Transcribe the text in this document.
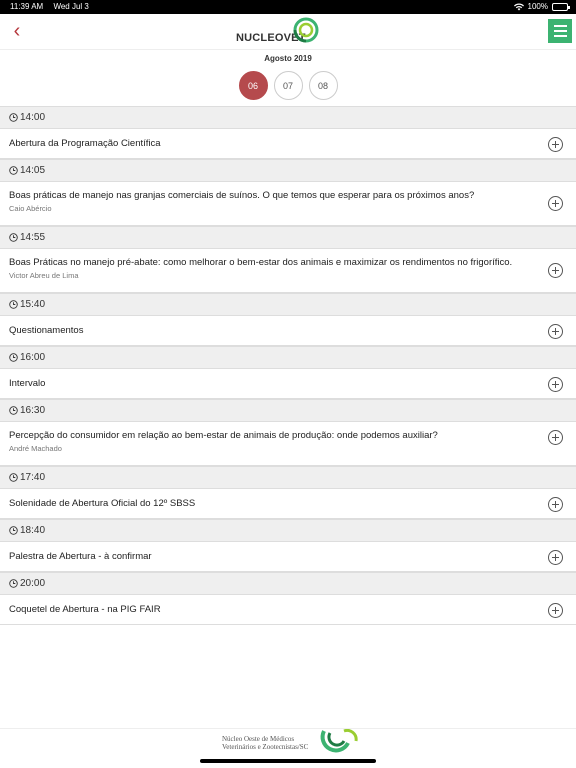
11:39 AM Wed Jul 3	100%
‹	NUCLEOVET
Agosto 2019
06	07	08
14:00
Abertura da Programação Científica
14:05
Boas práticas de manejo nas granjas comerciais de suínos. O que temos que esperar para os próximos anos?
Caio Abércio
14:55
Boas Práticas no manejo pré-abate: como melhorar o bem-estar dos animais e maximizar os rendimentos no frigorífico.
Victor Abreu de Lima
15:40
Questionamentos
16:00
Intervalo
16:30
Percepção do consumidor em relação ao bem-estar de animais de produção: onde podemos auxiliar?
André Machado
17:40
Solenidade de Abertura Oficial do 12º SBSS
18:40
Palestra de Abertura - à confirmar
20:00
Coquetel de Abertura - na PIG FAIR
Núcleo Oeste de Médicos
Veterinários e Zootecnistas/SC
